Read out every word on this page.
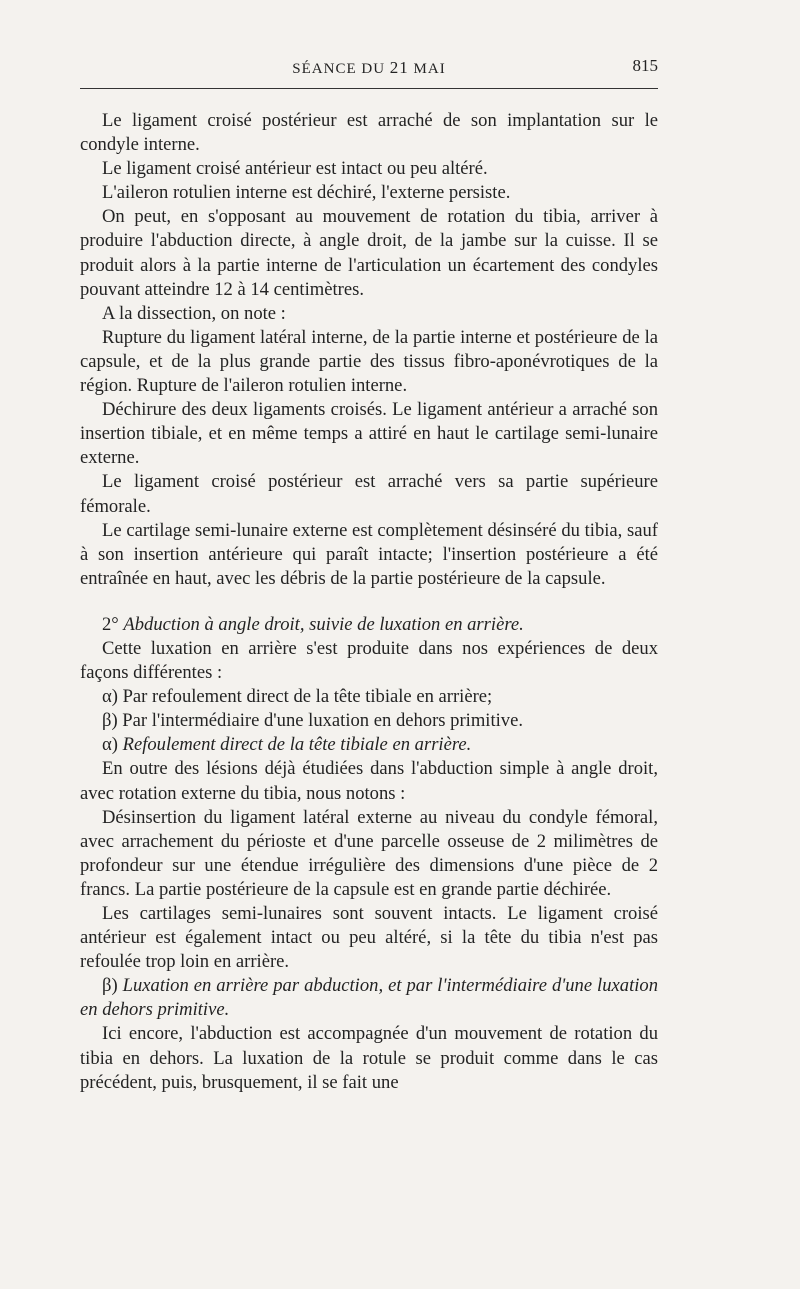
SÉANCE DU 21 MAI	815

Le ligament croisé postérieur est arraché de son implantation sur le condyle interne.

Le ligament croisé antérieur est intact ou peu altéré.

L'aileron rotulien interne est déchiré, l'externe persiste.

On peut, en s'opposant au mouvement de rotation du tibia, arriver à produire l'abduction directe, à angle droit, de la jambe sur la cuisse. Il se produit alors à la partie interne de l'articulation un écartement des condyles pouvant atteindre 12 à 14 centimètres.

A la dissection, on note :

Rupture du ligament latéral interne, de la partie interne et postérieure de la capsule, et de la plus grande partie des tissus fibro-aponévrotiques de la région. Rupture de l'aileron rotulien interne.

Déchirure des deux ligaments croisés. Le ligament antérieur a arraché son insertion tibiale, et en même temps a attiré en haut le cartilage semi-lunaire externe.

Le ligament croisé postérieur est arraché vers sa partie supérieure fémorale.

Le cartilage semi-lunaire externe est complètement désinséré du tibia, sauf à son insertion antérieure qui paraît intacte; l'insertion postérieure a été entraînée en haut, avec les débris de la partie postérieure de la capsule.

2° Abduction à angle droit, suivie de luxation en arrière.

Cette luxation en arrière s'est produite dans nos expériences de deux façons différentes :

α) Par refoulement direct de la tête tibiale en arrière;

β) Par l'intermédiaire d'une luxation en dehors primitive.

α) Refoulement direct de la tête tibiale en arrière.

En outre des lésions déjà étudiées dans l'abduction simple à angle droit, avec rotation externe du tibia, nous notons :

Désinsertion du ligament latéral externe au niveau du condyle fémoral, avec arrachement du périoste et d'une parcelle osseuse de 2 milimètres de profondeur sur une étendue irrégulière des dimensions d'une pièce de 2 francs. La partie postérieure de la capsule est en grande partie déchirée.

Les cartilages semi-lunaires sont souvent intacts. Le ligament croisé antérieur est également intact ou peu altéré, si la tête du tibia n'est pas refoulée trop loin en arrière.

β) Luxation en arrière par abduction, et par l'intermédiaire d'une luxation en dehors primitive.

Ici encore, l'abduction est accompagnée d'un mouvement de rotation du tibia en dehors. La luxation de la rotule se produit comme dans le cas précédent, puis, brusquement, il se fait une
